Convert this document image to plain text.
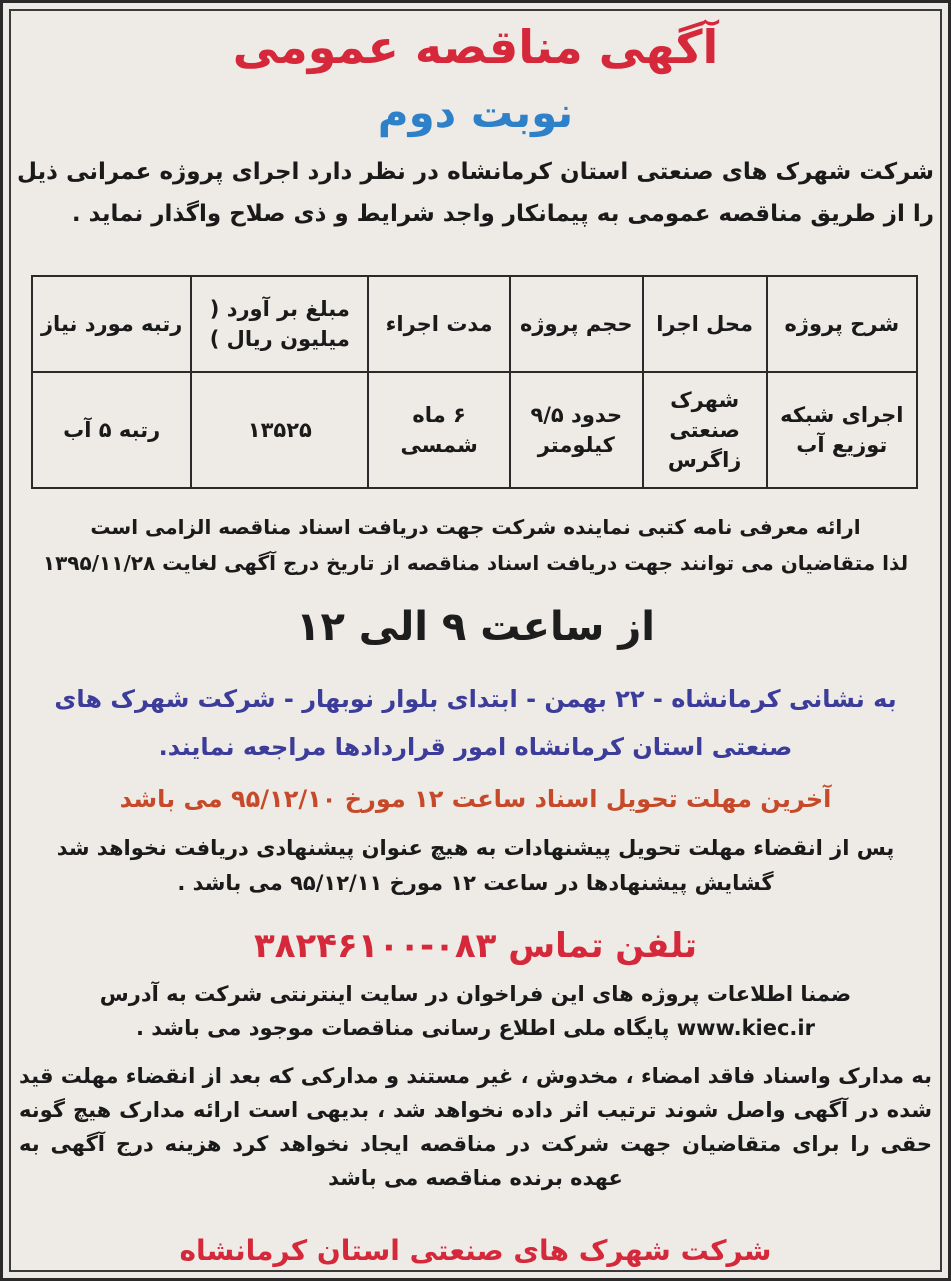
آگهی مناقصه عمومی
نوبت دوم
شرکت شهرک های صنعتی استان کرمانشاه در نظر دارد اجرای پروژه عمرانی ذیل را از طریق مناقصه عمومی به پیمانکار واجد شرایط و ذی صلاح واگذار نماید .
شرح پروژه	محل اجرا	حجم پروژه	مدت اجراء	مبلغ بر آورد ( میلیون ریال )	رتبه مورد نیاز
اجرای شبکه توزیع آب	شهرک صنعتی زاگرس	حدود ۹/۵ کیلومتر	۶ ماه شمسی	۱۳۵۲۵	رتبه ۵ آب
ارائه معرفی نامه کتبی نماینده شرکت جهت دریافت اسناد مناقصه الزامی است
لذا متقاضیان می توانند جهت دریافت اسناد مناقصه از تاریخ درج آگهی لغایت ۱۳۹۵/۱۱/۲۸
از ساعت ۹ الی ۱۲
به نشانی کرمانشاه - ۲۲ بهمن - ابتدای بلوار نوبهار - شرکت شهرک های صنعتی استان کرمانشاه امور قراردادها مراجعه نمایند.
آخرین مهلت تحویل اسناد ساعت ۱۲ مورخ ۹۵/۱۲/۱۰ می باشد
پس از انقضاء مهلت تحویل پیشنهادات به هیچ عنوان پیشنهادی دریافت نخواهد شد
گشایش پیشنهادها در ساعت ۱۲ مورخ ۹۵/۱۲/۱۱ می باشد .
تلفن تماس ۰۸۳-۳۸۲۴۶۱۰۰
ضمنا اطلاعات پروژه های این فراخوان در سایت اینترنتی شرکت به آدرس
www.kiec.ir پایگاه ملی اطلاع رسانی مناقصات موجود می باشد .
به مدارک واسناد فاقد امضاء ، مخدوش ، غیر مستند و مدارکی که بعد از انقضاء مهلت قید شده در آگهی واصل شوند ترتیب اثر داده نخواهد شد ، بدیهی است ارائه مدارک هیچ گونه حقی را برای متقاضیان جهت شرکت در مناقصه ایجاد نخواهد کرد هزینه درج آگهی به عهده برنده مناقصه می باشد
شرکت شهرک های صنعتی استان کرمانشاه
